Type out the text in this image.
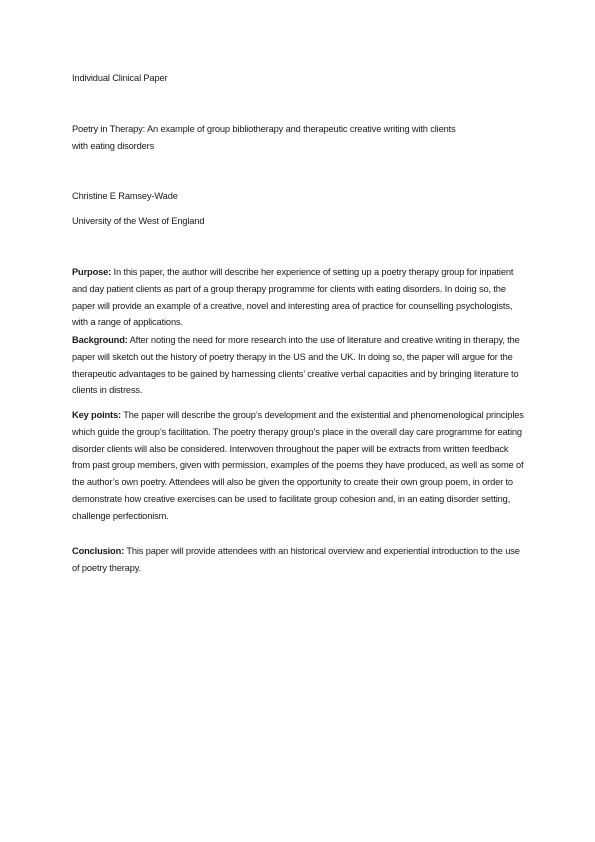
Individual Clinical Paper
Poetry in Therapy: An example of group bibliotherapy and therapeutic creative writing with clients
with eating disorders
Christine E Ramsey-Wade
University of the West of England

Purpose: In this paper, the author will describe her experience of setting up a poetry therapy group for inpatient and day patient clients as part of a group therapy programme for clients with eating disorders. In doing so, the paper will provide an example of a creative, novel and interesting area of practice for counselling psychologists, with a range of applications.

Background: After noting the need for more research into the use of literature and creative writing in therapy, the paper will sketch out the history of poetry therapy in the US and the UK. In doing so, the paper will argue for the therapeutic advantages to be gained by harnessing clients’ creative verbal capacities and by bringing literature to clients in distress.

Key points: The paper will describe the group’s development and the existential and phenomenological principles which guide the group’s facilitation. The poetry therapy group’s place in the overall day care programme for eating disorder clients will also be considered. Interwoven throughout the paper will be extracts from written feedback from past group members, given with permission, examples of the poems they have produced, as well as some of the author’s own poetry. Attendees will also be given the opportunity to create their own group poem, in order to demonstrate how creative exercises can be used to facilitate group cohesion and, in an eating disorder setting, challenge perfectionism.

Conclusion: This paper will provide attendees with an historical overview and experiential introduction to the use of poetry therapy.
